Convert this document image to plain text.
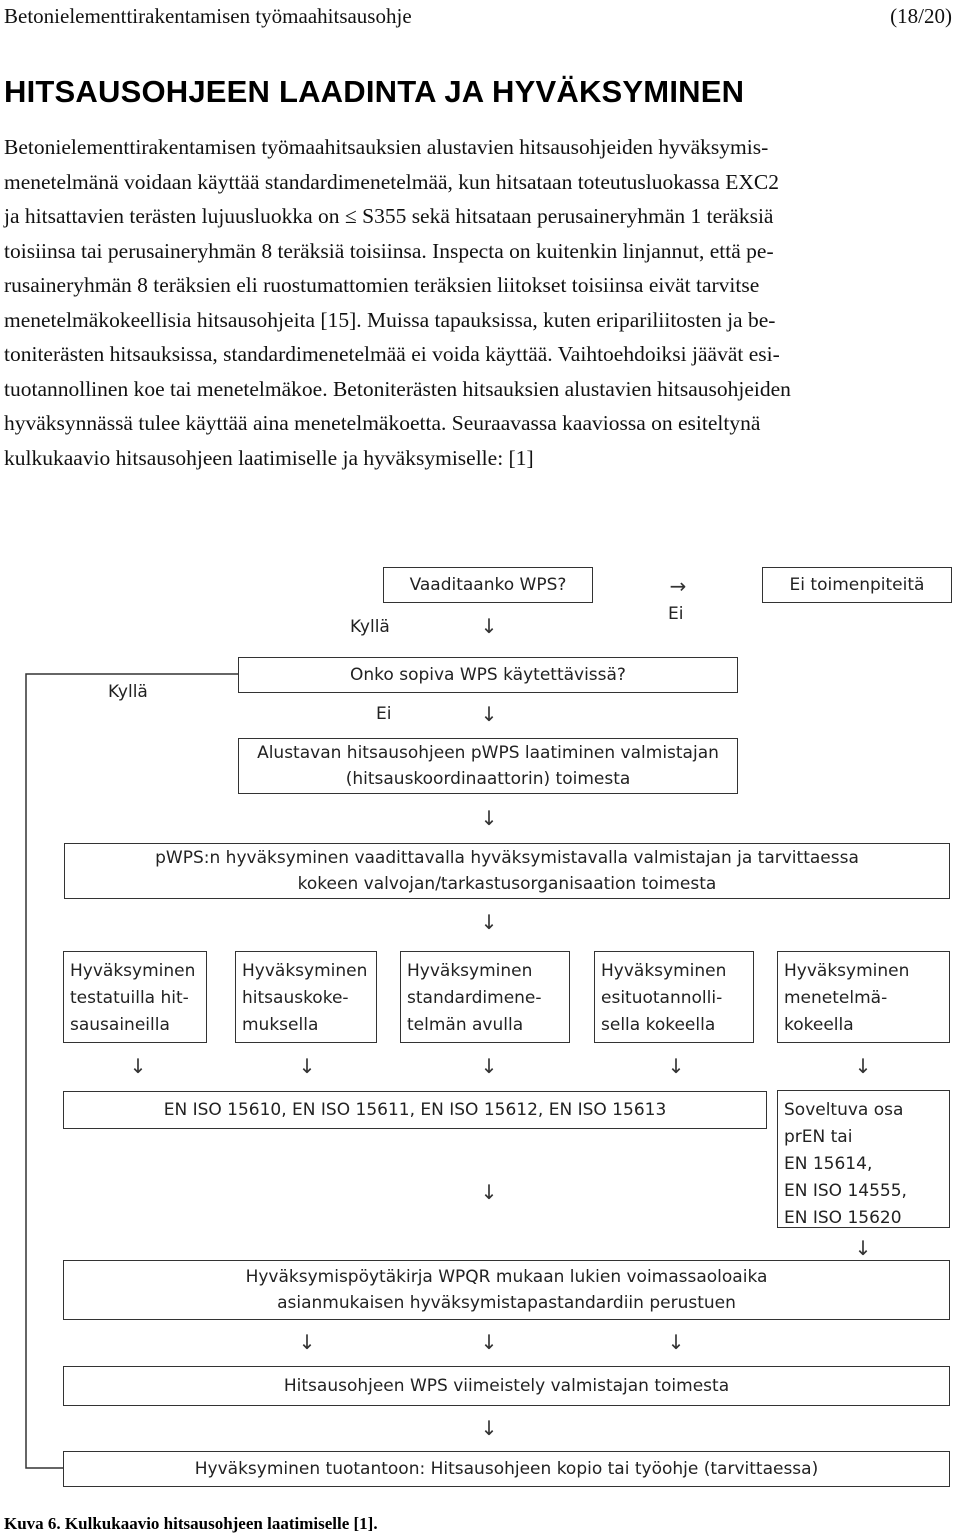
Betonielementtirakentamisen työmaahitsausohje	(18/20)
HITSAUSOHJEEN LAADINTA JA HYVÄKSYMINEN
Betonielementtirakentamisen työmaahitsauksien alustavien hitsausohjeiden hyväksymis-
menetelmänä voidaan käyttää standardimenetelmää, kun hitsataan toteutusluokassa EXC2
ja hitsattavien terästen lujuusluokka on ≤ S355 sekä hitsataan perusaineryhmän 1 teräksiä
toisiinsa tai perusaineryhmän 8 teräksiä toisiinsa. Inspecta on kuitenkin linjannut, että pe-
rusaineryhmän 8 teräksien eli ruostumattomien teräksien liitokset toisiinsa eivät tarvitse
menetelmäkokeellisia hitsausohjeita [15]. Muissa tapauksissa, kuten eripariliitosten ja be-
toniterästen hitsauksissa, standardimenetelmää ei voida käyttää. Vaihtoehdoiksi jäävät esi-
tuotannollinen koe tai menetelmäkoe. Betoniterästen hitsauksien alustavien hitsausohjeiden
hyväksynnässä tulee käyttää aina menetelmäkoetta. Seuraavassa kaaviossa on esiteltynä
kulkukaavio hitsausohjeen laatimiselle ja hyväksymiselle: [1]
Vaaditaanko WPS?	→	Ei toimenpiteitä
Ei
Kyllä	↓
Onko sopiva WPS käytettävissä?
Kyllä
Ei	↓
Alustavan hitsausohjeen pWPS laatiminen valmistajan
(hitsauskoordinaattorin) toimesta
↓
pWPS:n hyväksyminen vaadittavalla hyväksymistavalla valmistajan ja tarvittaessa
kokeen valvojan/tarkastusorganisaation toimesta
↓
Hyväksyminen
testatuilla hit-
sausaineilla
Hyväksyminen
hitsauskoke-
muksella
Hyväksyminen
standardimene-
telmän avulla
Hyväksyminen
esituotannolli-
sella kokeella
Hyväksyminen
menetelmä-
kokeella
↓	↓	↓	↓	↓
EN ISO 15610, EN ISO 15611, EN ISO 15612, EN ISO 15613	Soveltuva osa
prEN tai
EN 15614,
EN ISO 14555,
EN ISO 15620
↓
↓
Hyväksymispöytäkirja WPQR mukaan lukien voimassaoloaika
asianmukaisen hyväksymistapastandardiin perustuen
↓	↓	↓
Hitsausohjeen WPS viimeistely valmistajan toimesta
↓
Hyväksyminen tuotantoon: Hitsausohjeen kopio tai työohje (tarvittaessa)
Kuva 6. Kulkukaavio hitsausohjeen laatimiselle [1].
